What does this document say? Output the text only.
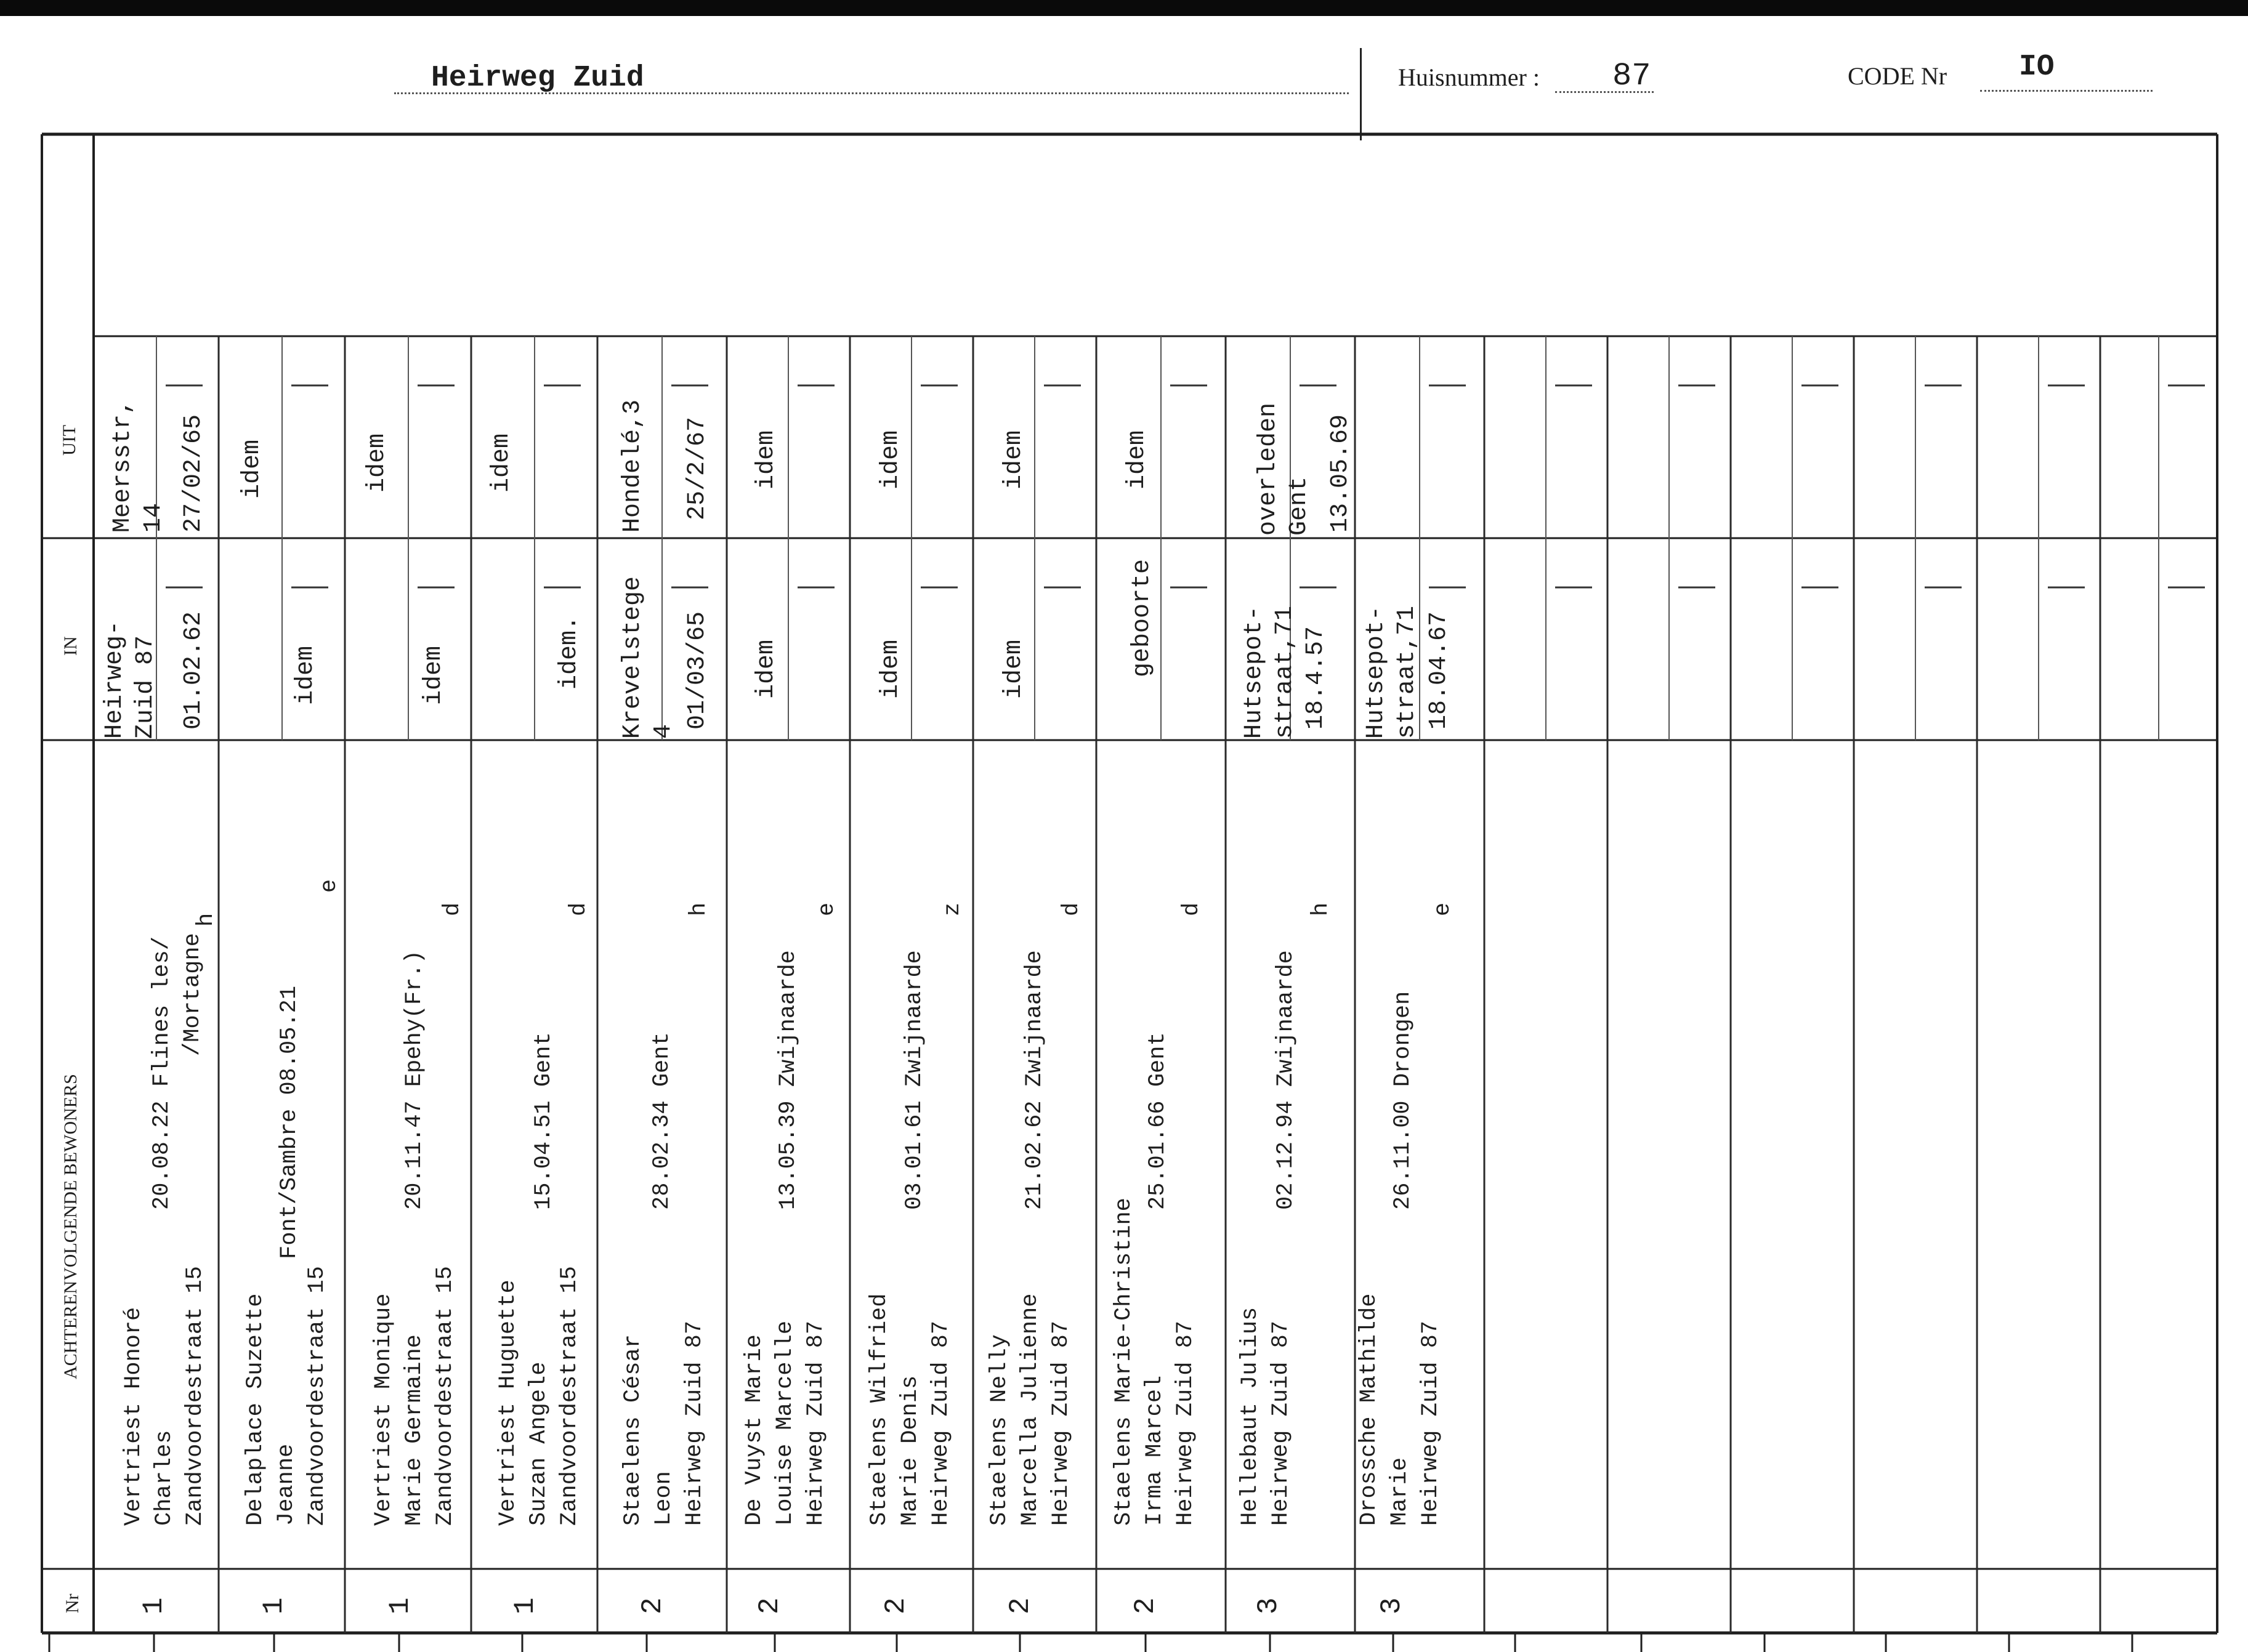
Heirweg Zuid	Huisnummer : 87	CODE Nr IO
Nr
ACHTERENVOLGENDE BEWONERS
IN
UIT
1
Vertriest Honoré Charles Zandvoordestraat 15
20.08.22 Flines les/ /Mortagne
h
Heirweg- Zuid 87 01.02.62
Meersstr, 14 27/02/65
1
Delaplace Suzette Jeanne Zandvoordestraat 15
Font/Sambre 08.05.21
e
idem
idem
1
Vertriest Monique Marie Germaine Zandvoordestraat 15
20.11.47 Epehy(Fr.)
d
idem
idem
1
Vertriest Huguette Suzan Angele Zandvoordestraat 15
15.04.51 Gent
d
idem.
idem
2
Staelens César Leon Heirweg Zuid 87
28.02.34 Gent
h
Krevelstege 4
01/03/65
Hondelé,3 25/2/67
2
De Vuyst Marie Louise Marcelle Heirweg Zuid 87
13.05.39 Zwijnaarde
e
idem
idem
2
Staelens Wilfried Marie Denis Heirweg Zuid 87
03.01.61 Zwijnaarde
z
idem
idem
2
Staelens Nelly Marcella Julienne Heirweg Zuid 87
21.02.62 Zwijnaarde
d
idem
idem
2
Staelens Marie-Christine Irma Marcel Heirweg Zuid 87
25.01.66 Gent
d
geboorte
idem
3
Hellebaut Julius Heirweg Zuid 87
02.12.94 Zwijnaarde
h
Hutsepot- straat,71 18.4.57
overleden Gent 13.05.69
3
Drossche Mathilde Marie Heirweg Zuid 87
26.11.00 Drongen
e
Hutsepot- straat,71 18.04.67
